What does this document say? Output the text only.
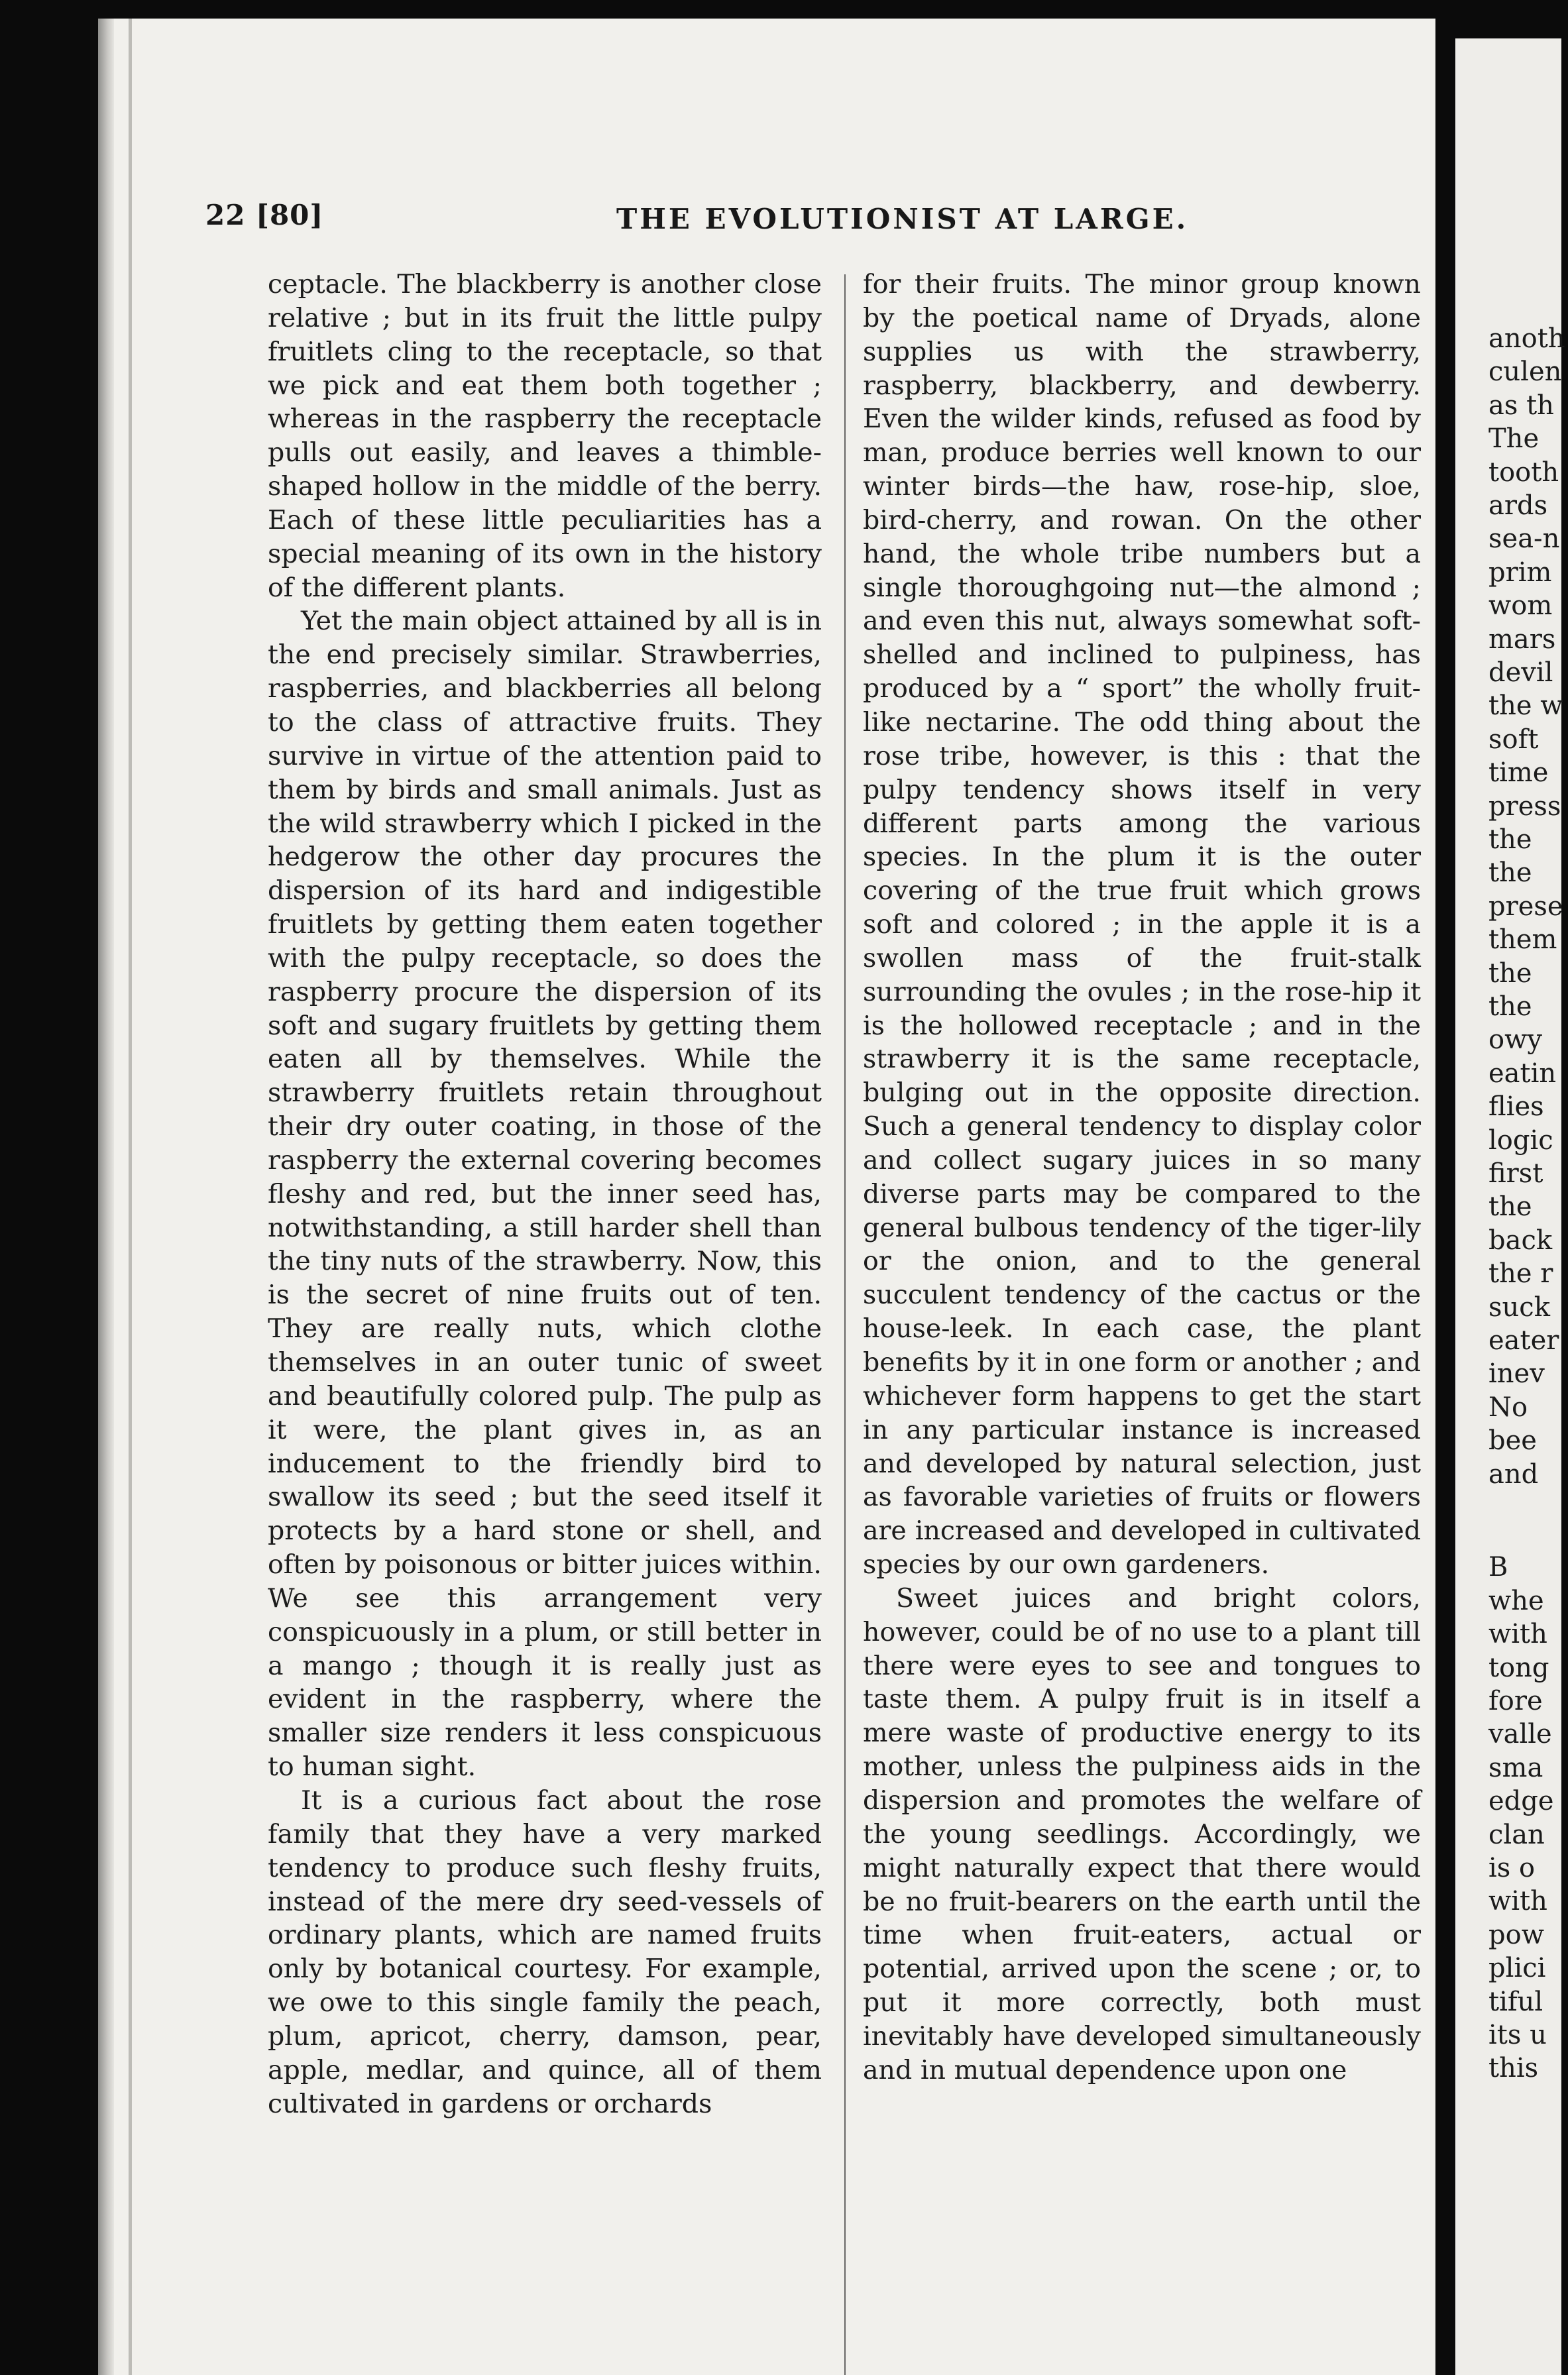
22 [80]	THE EVOLUTIONIST AT LARGE.

ceptacle. The blackberry is another close relative ; but in its fruit the little pulpy fruitlets cling to the receptacle, so that we pick and eat them both together ; whereas in the raspberry the receptacle pulls out easily, and leaves a thimble-shaped hollow in the middle of the berry. Each of these little peculiarities has a special meaning of its own in the history of the different plants.

Yet the main object attained by all is in the end precisely similar. Strawberries, raspberries, and blackberries all belong to the class of attractive fruits. They survive in virtue of the attention paid to them by birds and small animals. Just as the wild strawberry which I picked in the hedgerow the other day procures the dispersion of its hard and indigestible fruitlets by getting them eaten together with the pulpy receptacle, so does the raspberry procure the dispersion of its soft and sugary fruitlets by getting them eaten all by themselves. While the strawberry fruitlets retain throughout their dry outer coating, in those of the raspberry the external covering becomes fleshy and red, but the inner seed has, notwithstanding, a still harder shell than the tiny nuts of the strawberry. Now, this is the secret of nine fruits out of ten. They are really nuts, which clothe themselves in an outer tunic of sweet and beautifully colored pulp. The pulp as it were, the plant gives in, as an inducement to the friendly bird to swallow its seed ; but the seed itself it protects by a hard stone or shell, and often by poisonous or bitter juices within. We see this arrangement very conspicuously in a plum, or still better in a mango ; though it is really just as evident in the raspberry, where the smaller size renders it less conspicuous to human sight.

It is a curious fact about the rose family that they have a very marked tendency to produce such fleshy fruits, instead of the mere dry seed-vessels of ordinary plants, which are named fruits only by botanical courtesy. For example, we owe to this single family the peach, plum, apricot, cherry, damson, pear, apple, medlar, and quince, all of them cultivated in gardens or orchards

for their fruits. The minor group known by the poetical name of Dryads, alone supplies us with the strawberry, raspberry, blackberry, and dewberry. Even the wilder kinds, refused as food by man, produce berries well known to our winter birds—the haw, rose-hip, sloe, bird-cherry, and rowan. On the other hand, the whole tribe numbers but a single thoroughgoing nut—the almond ; and even this nut, always somewhat soft-shelled and inclined to pulpiness, has produced by a “ sport” the wholly fruit-like nectarine. The odd thing about the rose tribe, however, is this : that the pulpy tendency shows itself in very different parts among the various species. In the plum it is the outer covering of the true fruit which grows soft and colored ; in the apple it is a swollen mass of the fruit-stalk surrounding the ovules ; in the rose-hip it is the hollowed receptacle ; and in the strawberry it is the same receptacle, bulging out in the opposite direction. Such a general tendency to display color and collect sugary juices in so many diverse parts may be compared to the general bulbous tendency of the tiger-lily or the onion, and to the general succulent tendency of the cactus or the house-leek. In each case, the plant benefits by it in one form or another ; and whichever form happens to get the start in any particular instance is increased and developed by natural selection, just as favorable varieties of fruits or flowers are increased and developed in cultivated species by our own gardeners.

Sweet juices and bright colors, however, could be of no use to a plant till there were eyes to see and tongues to taste them. A pulpy fruit is in itself a mere waste of productive energy to its mother, unless the pulpiness aids in the dispersion and promotes the welfare of the young seedlings. Accordingly, we might naturally expect that there would be no fruit-bearers on the earth until the time when fruit-eaters, actual or potential, arrived upon the scene ; or, to put it more correctly, both must inevitably have developed simultaneously and in mutual dependence upon one

anoth
culen
as th
The
tooth
ards
sea-n
prim
wom
mars
devil
the w
soft
time
press
the
the
prese
them
the
the
owy
eatin
flies
logic
first
the
back
the r
suck
eater
inev
No
bee
and
B
whe
with
tong
fore
valle
sma
edge
clan
is o
with
pow
plici
tiful
its u
this
